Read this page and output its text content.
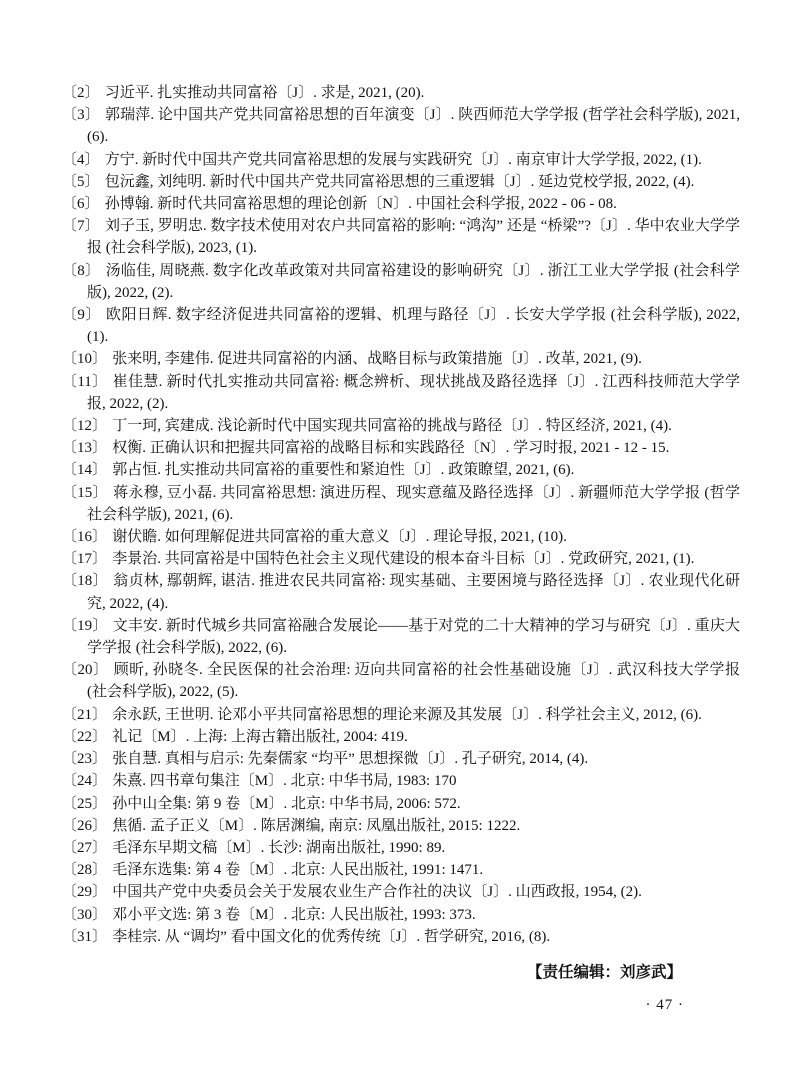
〔2〕 习近平. 扎实推动共同富裕〔J〕. 求是, 2021, (20).
〔3〕 郭瑞萍. 论中国共产党共同富裕思想的百年演变〔J〕. 陕西师范大学学报 (哲学社会科学版), 2021, (6).
〔4〕 方宁. 新时代中国共产党共同富裕思想的发展与实践研究〔J〕. 南京审计大学学报, 2022, (1).
〔5〕 包沅鑫, 刘纯明. 新时代中国共产党共同富裕思想的三重逻辑〔J〕. 延边党校学报, 2022, (4).
〔6〕 孙博翰. 新时代共同富裕思想的理论创新〔N〕. 中国社会科学报, 2022 - 06 - 08.
〔7〕 刘子玉, 罗明忠. 数字技术使用对农户共同富裕的影响: “鸿沟” 还是 “桥梁”?〔J〕. 华中农业大学学报 (社会科学版), 2023, (1).
〔8〕 汤临佳, 周晓燕. 数字化改革政策对共同富裕建设的影响研究〔J〕. 浙江工业大学学报 (社会科学版), 2022, (2).
〔9〕 欧阳日辉. 数字经济促进共同富裕的逻辑、机理与路径〔J〕. 长安大学学报 (社会科学版), 2022, (1).
〔10〕 张来明, 李建伟. 促进共同富裕的内涵、战略目标与政策措施〔J〕. 改革, 2021, (9).
〔11〕 崔佳慧. 新时代扎实推动共同富裕: 概念辨析、现状挑战及路径选择〔J〕. 江西科技师范大学学报, 2022, (2).
〔12〕 丁一珂, 宾建成. 浅论新时代中国实现共同富裕的挑战与路径〔J〕. 特区经济, 2021, (4).
〔13〕 权衡. 正确认识和把握共同富裕的战略目标和实践路径〔N〕. 学习时报, 2021 - 12 - 15.
〔14〕 郭占恒. 扎实推动共同富裕的重要性和紧迫性〔J〕. 政策瞭望, 2021, (6).
〔15〕 蒋永穆, 豆小磊. 共同富裕思想: 演进历程、现实意蕴及路径选择〔J〕. 新疆师范大学学报 (哲学社会科学版), 2021, (6).
〔16〕 谢伏瞻. 如何理解促进共同富裕的重大意义〔J〕. 理论导报, 2021, (10).
〔17〕 李景治. 共同富裕是中国特色社会主义现代建设的根本奋斗目标〔J〕. 党政研究, 2021, (1).
〔18〕 翁贞林, 鄢朝辉, 谌洁. 推进农民共同富裕: 现实基础、主要困境与路径选择〔J〕. 农业现代化研究, 2022, (4).
〔19〕 文丰安. 新时代城乡共同富裕融合发展论——基于对党的二十大精神的学习与研究〔J〕. 重庆大学学报 (社会科学版), 2022, (6).
〔20〕 顾昕, 孙晓冬. 全民医保的社会治理: 迈向共同富裕的社会性基础设施〔J〕. 武汉科技大学学报 (社会科学版), 2022, (5).
〔21〕 余永跃, 王世明. 论邓小平共同富裕思想的理论来源及其发展〔J〕. 科学社会主义, 2012, (6).
〔22〕 礼记〔M〕. 上海: 上海古籍出版社, 2004: 419.
〔23〕 张自慧. 真相与启示: 先秦儒家 “均平” 思想探微〔J〕. 孔子研究, 2014, (4).
〔24〕 朱熹. 四书章句集注〔M〕. 北京: 中华书局, 1983: 170
〔25〕 孙中山全集: 第 9 卷〔M〕. 北京: 中华书局, 2006: 572.
〔26〕 焦循. 孟子正义〔M〕. 陈居渊编, 南京: 凤凰出版社, 2015: 1222.
〔27〕 毛泽东早期文稿〔M〕. 长沙: 湖南出版社, 1990: 89.
〔28〕 毛泽东选集: 第 4 卷〔M〕. 北京: 人民出版社, 1991: 1471.
〔29〕 中国共产党中央委员会关于发展农业生产合作社的决议〔J〕. 山西政报, 1954, (2).
〔30〕 邓小平文选: 第 3 卷〔M〕. 北京: 人民出版社, 1993: 373.
〔31〕 李桂宗. 从 “调均” 看中国文化的优秀传统〔J〕. 哲学研究, 2016, (8).
【责任编辑：刘彦武】
· 47 ·
